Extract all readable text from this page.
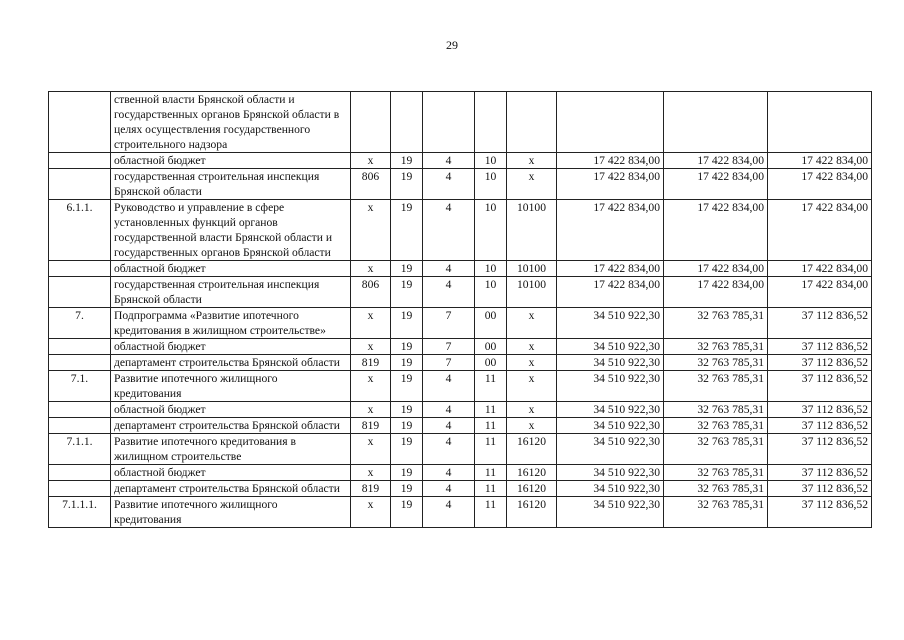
29
	ственной власти Брянской области и государственных органов Брянской области в целях осуществления государственного строительного надзора								
	областной бюджет	х	19	4	10	х	17 422 834,00	17 422 834,00	17 422 834,00
	государственная строительная инспекция Брянской области	806	19	4	10	х	17 422 834,00	17 422 834,00	17 422 834,00
6.1.1.	Руководство и управление в сфере установленных функций органов государственной власти Брянской области и государственных органов Брянской области	х	19	4	10	10100	17 422 834,00	17 422 834,00	17 422 834,00
	областной бюджет	х	19	4	10	10100	17 422 834,00	17 422 834,00	17 422 834,00
	государственная строительная инспекция Брянской области	806	19	4	10	10100	17 422 834,00	17 422 834,00	17 422 834,00
7.	Подпрограмма «Развитие ипотечного кредитования в жилищном строительстве»	х	19	7	00	х	34 510 922,30	32 763 785,31	37 112 836,52
	областной бюджет	х	19	7	00	х	34 510 922,30	32 763 785,31	37 112 836,52
	департамент строительства Брянской области	819	19	7	00	х	34 510 922,30	32 763 785,31	37 112 836,52
7.1.	Развитие ипотечного жилищного кредитования	х	19	4	11	х	34 510 922,30	32 763 785,31	37 112 836,52
	областной бюджет	х	19	4	11	х	34 510 922,30	32 763 785,31	37 112 836,52
	департамент строительства Брянской области	819	19	4	11	х	34 510 922,30	32 763 785,31	37 112 836,52
7.1.1.	Развитие ипотечного кредитования в жилищном строительстве	х	19	4	11	16120	34 510 922,30	32 763 785,31	37 112 836,52
	областной бюджет	х	19	4	11	16120	34 510 922,30	32 763 785,31	37 112 836,52
	департамент строительства Брянской области	819	19	4	11	16120	34 510 922,30	32 763 785,31	37 112 836,52
7.1.1.1.	Развитие ипотечного жилищного кредитования	х	19	4	11	16120	34 510 922,30	32 763 785,31	37 112 836,52
